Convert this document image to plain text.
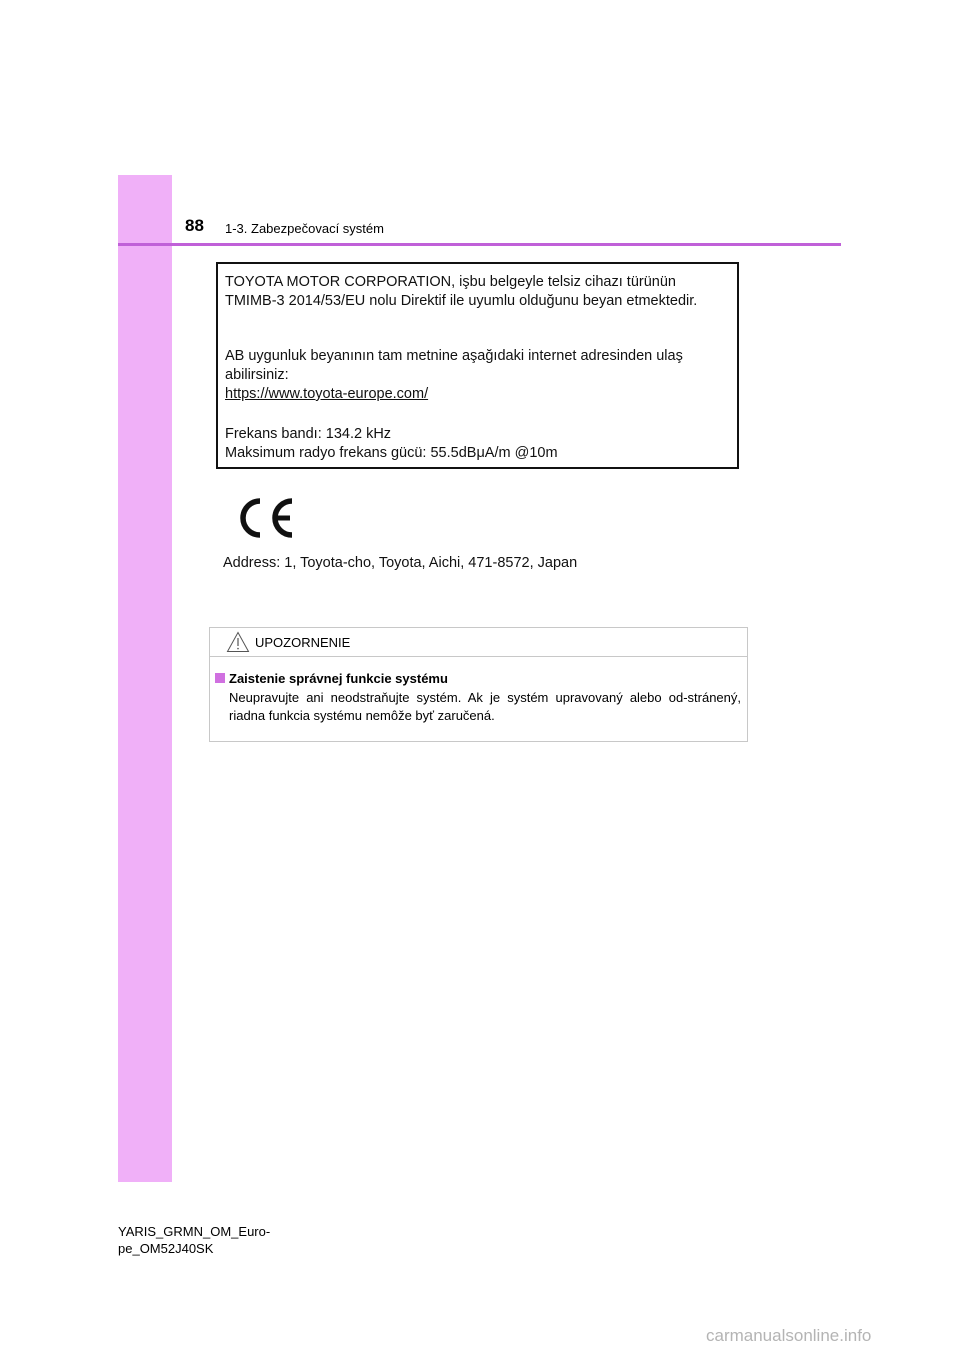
88 1-3. Zabezpečovací systém
TOYOTA MOTOR CORPORATION, işbu belgeyle telsiz cihazı türünün TMIMB-3 2014/53/EU nolu Direktif ile uyumlu olduğunu beyan etmektedir.
AB uygunluk beyanının tam metnine aşağıdaki internet adresinden ulaş abilirsiniz:
https://www.toyota-europe.com/
Frekans bandı: 134.2 kHz
Maksimum radyo frekans gücü: 55.5dBμA/m @10m
Address: 1, Toyota-cho, Toyota, Aichi, 471-8572, Japan
UPOZORNENIE
Zaistenie správnej funkcie systému
Neupravujte ani neodstraňujte systém. Ak je systém upravovaný alebo od-stránený, riadna funkcia systému nemôže byť zaručená.
YARIS_GRMN_OM_Euro-
pe_OM52J40SK
carmanualsonline.info
